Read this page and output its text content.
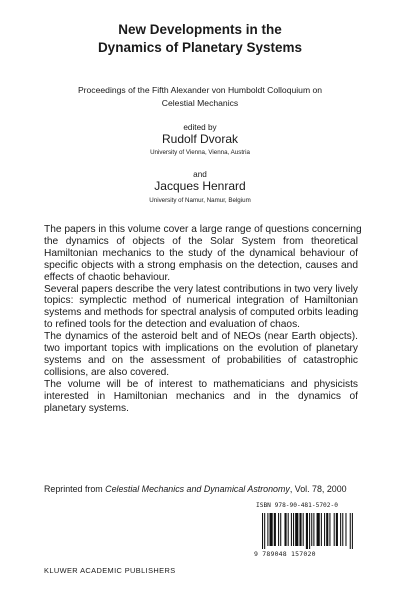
New Developments in the
Dynamics of Planetary Systems
Proceedings of the Fifth Alexander von Humboldt Colloquium on
Celestial Mechanics
edited by
Rudolf Dvorak
University of Vienna, Vienna, Austria
and
Jacques Henrard
University of Namur, Namur, Belgium

The papers in this volume cover a large range of questions concerning
the dynamics of objects of the Solar System from theoretical
Hamiltonian mechanics to the study of the dynamical behaviour of
specific objects with a strong emphasis on the detection, causes and
effects of chaotic behaviour.

Several papers describe the very latest contributions in two very lively
topics: symplectic method of numerical integration of Hamiltonian
systems and methods for spectral analysis of computed orbits leading
to refined tools for the detection and evaluation of chaos.

The dynamics of the asteroid belt and of NEOs (near Earth objects).
two important topics with implications on the evolution of planetary
systems and on the assessment of probabilities of catastrophic
collisions, are also covered.

The volume will be of interest to mathematicians and physicists
interested in Hamiltonian mechanics and in the dynamics of
planetary systems.

Reprinted from Celestial Mechanics and Dynamical Astronomy, Vol. 78, 2000
ISBN 978-90-481-5702-0
9 789048 157020
KLUWER ACADEMIC PUBLISHERS
